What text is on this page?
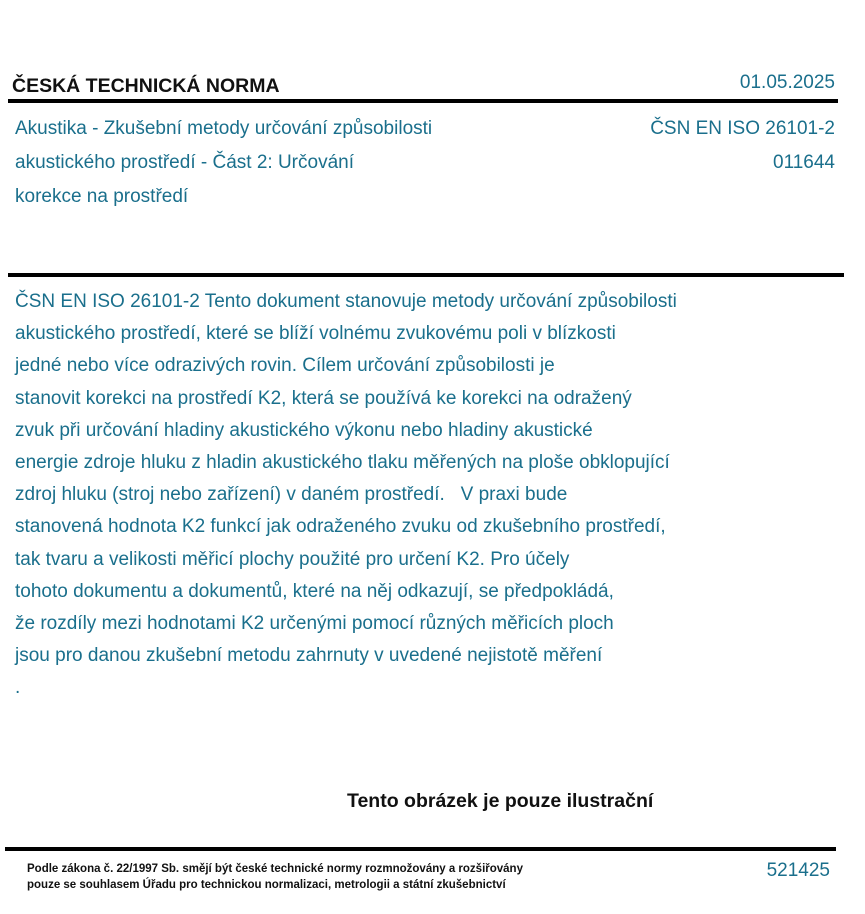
ČESKÁ TECHNICKÁ NORMA	01.05.2025
Akustika - Zkušební metody určování způsobilosti
akustického prostředí - Část 2: Určování
korekce na prostředí
ČSN EN ISO 26101-2
011644
ČSN EN ISO 26101-2 Tento dokument stanovuje metody určování způsobilosti
akustického prostředí, které se blíží volnému zvukovému poli v blízkosti
jedné nebo více odrazivých rovin. Cílem určování způsobilosti je
stanovit korekci na prostředí K2, která se používá ke korekci na odražený
zvuk při určování hladiny akustického výkonu nebo hladiny akustické
energie zdroje hluku z hladin akustického tlaku měřených na ploše obklopující
zdroj hluku (stroj nebo zařízení) v daném prostředí.   V praxi bude
stanovená hodnota K2 funkcí jak odraženého zvuku od zkušebního prostředí,
tak tvaru a velikosti měřicí plochy použité pro určení K2. Pro účely
tohoto dokumentu a dokumentů, které na něj odkazují, se předpokládá,
že rozdíly mezi hodnotami K2 určenými pomocí různých měřicích ploch
jsou pro danou zkušební metodu zahrnuty v uvedené nejistotě měření
.
Tento obrázek je pouze ilustrační
Podle zákona č. 22/1997 Sb. smějí být české technické normy rozmnožovány a rozšiřovány
pouze se souhlasem Úřadu pro technickou normalizaci, metrologii a státní zkušebnictví
521425
